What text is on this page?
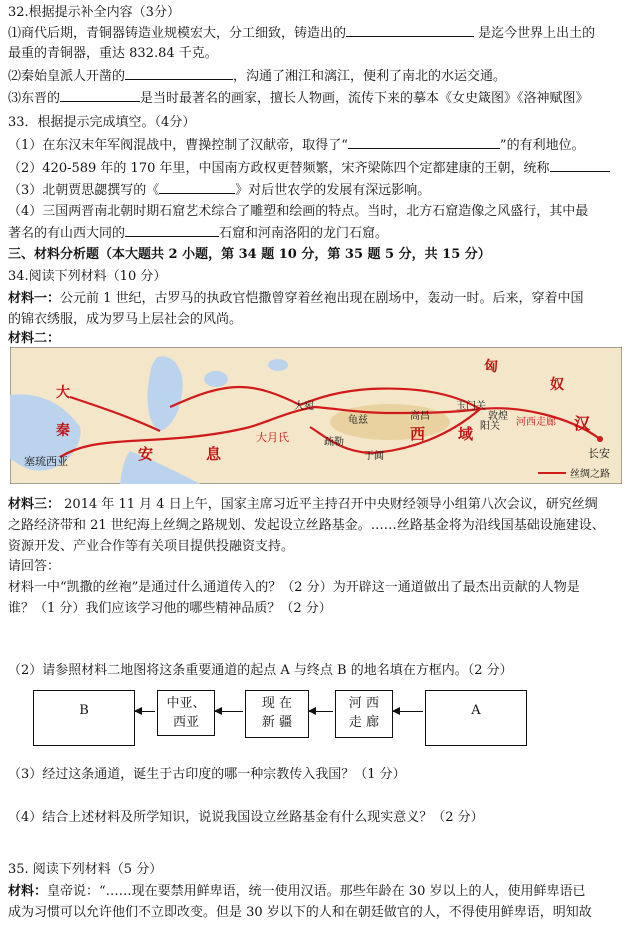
32.根据提示补全内容（3分）
⑴商代后期，青铜器铸造业规模宏大，分工细致，铸造出的	是迄今世界上出土的
最重的青铜器，重达 832.84 千克。
⑵秦始皇派人开凿的	，沟通了湘江和漓江，便利了南北的水运交通。
⑶东晋的	是当时最著名的画家，擅长人物画，流传下来的摹本《女史箴图》《洛神赋图》
33．根据提示完成填空。（4分）
（1）在东汉末年军阀混战中，曹操控制了汉献帝，取得了“	”的有利地位。
（2）420-589 年的 170 年里，中国南方政权更替频繁，宋齐梁陈四个定都建康的王朝，统称
（3）北朝贾思勰撰写的《	》对后世农学的发展有深远影响。
（4）三国两晋南北朝时期石窟艺术综合了雕塑和绘画的特点。当时，北方石窟造像之风盛行，其中最
著名的有山西大同的	石窟和河南洛阳的龙门石窟。
三、材料分析题（本大题共 2 小题，第 34 题 10 分，第 35 题 5 分，共 15 分）
34.阅读下列材料（10 分）
材料一：公元前 1 世纪，古罗马的执政官恺撒曾穿着丝袍出现在剧场中，轰动一时。后来，穿着中国
的锦衣绣服，成为罗马上层社会的风尚。
材料二：
大
秦
塞琉西亚	安	息
大月氏
大宛
疏勒
龟兹
于阗
高昌
西 域
玉门关
阳关
敦煌
河西走廊 汉
长安
匈
奴
丝绸之路
材料三： 2014 年 11 月 4 日上午，国家主席习近平主持召开中央财经领导小组第八次会议，研究丝绸
之路经济带和 21 世纪海上丝绸之路规划、发起设立丝路基金。……丝路基金将为沿线国基础设施建设、
资源开发、产业合作等有关项目提供投融资支持。
请回答：
材料一中“凯撒的丝袍”是通过什么通道传入的？（2 分）为开辟这一通道做出了最杰出贡献的人物是
谁？（1 分）我们应该学习他的哪些精神品质？（2 分）
（2）请参照材料二地图将这条重要通道的起点 A 与终点 B 的地名填在方框内。（2 分）
B	中亚、
西亚
现 在
新 疆
河 西
走 廊
A
（3）经过这条通道，诞生于古印度的哪一种宗教传入我国？（1 分）
（4）结合上述材料及所学知识，说说我国设立丝路基金有什么现实意义？（2 分）
35. 阅读下列材料（5 分）
材料：皇帝说：“……现在要禁用鲜卑语，统一使用汉语。那些年龄在 30 岁以上的人，使用鲜卑语已
成为习惯可以允许他们不立即改变。但是 30 岁以下的人和在朝廷做官的人，不得使用鲜卑语，明知故
